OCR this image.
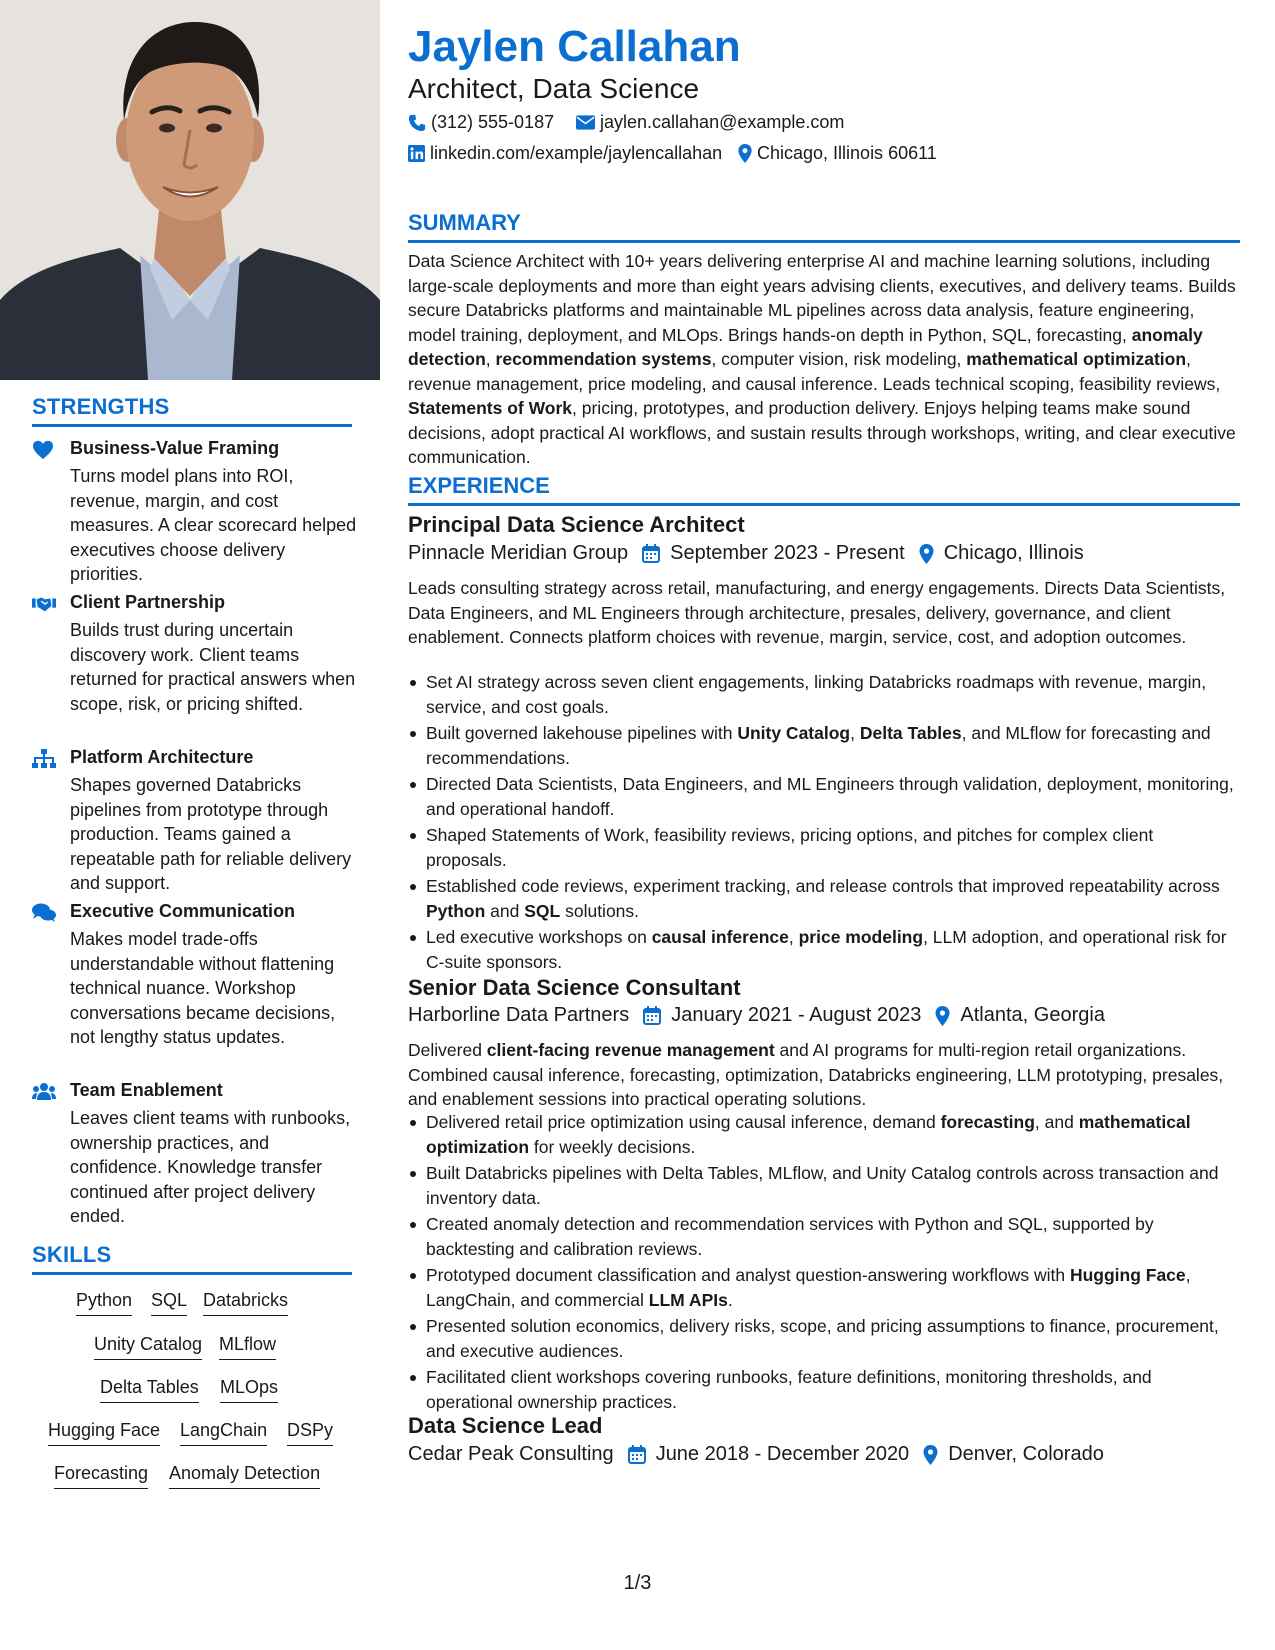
STRENGTHS
Business-Value Framing
Turns model plans into ROI, revenue, margin, and cost measures. A clear scorecard helped executives choose delivery priorities.
Client Partnership
Builds trust during uncertain discovery work. Client teams returned for practical answers when scope, risk, or pricing shifted.
Platform Architecture
Shapes governed Databricks pipelines from prototype through production. Teams gained a repeatable path for reliable delivery and support.
Executive Communication
Makes model trade-offs understandable without flattening technical nuance. Workshop conversations became decisions, not lengthy status updates.
Team Enablement
Leaves client teams with runbooks, ownership practices, and confidence. Knowledge transfer continued after project delivery ended.
SKILLS
Python SQL Databricks
Unity Catalog MLflow
Delta Tables MLOps
Hugging Face LangChain DSPy
Forecasting Anomaly Detection
Jaylen Callahan
Architect, Data Science
(312) 555-0187	jaylen.callahan@example.com
linkedin.com/example/jaylencallahan Chicago, Illinois 60611
SUMMARY
Data Science Architect with 10+ years delivering enterprise AI and machine learning solutions, including large-scale deployments and more than eight years advising clients, executives, and delivery teams. Builds secure Databricks platforms and maintainable ML pipelines across data analysis, feature engineering, model training, deployment, and MLOps. Brings hands-on depth in Python, SQL, forecasting, anomaly detection, recommendation systems, computer vision, risk modeling, mathematical optimization, revenue management, price modeling, and causal inference. Leads technical scoping, feasibility reviews, Statements of Work, pricing, prototypes, and production delivery. Enjoys helping teams make sound decisions, adopt practical AI workflows, and sustain results through workshops, writing, and clear executive communication.
EXPERIENCE
Principal Data Science Architect
Pinnacle Meridian Group September 2023 - Present Chicago, Illinois
Leads consulting strategy across retail, manufacturing, and energy engagements. Directs Data Scientists, Data Engineers, and ML Engineers through architecture, presales, delivery, governance, and client enablement. Connects platform choices with revenue, margin, service, cost, and adoption outcomes.
Set AI strategy across seven client engagements, linking Databricks roadmaps with revenue, margin, service, and cost goals.
Built governed lakehouse pipelines with Unity Catalog, Delta Tables, and MLflow for forecasting and recommendations.
Directed Data Scientists, Data Engineers, and ML Engineers through validation, deployment, monitoring, and operational handoff.
Shaped Statements of Work, feasibility reviews, pricing options, and pitches for complex client proposals.
Established code reviews, experiment tracking, and release controls that improved repeatability across Python and SQL solutions.
Led executive workshops on causal inference, price modeling, LLM adoption, and operational risk for C-suite sponsors.
Senior Data Science Consultant
Harborline Data Partners January 2021 - August 2023 Atlanta, Georgia
Delivered client-facing revenue management and AI programs for multi-region retail organizations. Combined causal inference, forecasting, optimization, Databricks engineering, LLM prototyping, presales, and enablement sessions into practical operating solutions.
Delivered retail price optimization using causal inference, demand forecasting, and mathematical optimization for weekly decisions.
Built Databricks pipelines with Delta Tables, MLflow, and Unity Catalog controls across transaction and inventory data.
Created anomaly detection and recommendation services with Python and SQL, supported by backtesting and calibration reviews.
Prototyped document classification and analyst question-answering workflows with Hugging Face, LangChain, and commercial LLM APIs.
Presented solution economics, delivery risks, scope, and pricing assumptions to finance, procurement, and executive audiences.
Facilitated client workshops covering runbooks, feature definitions, monitoring thresholds, and operational ownership practices.
Data Science Lead
Cedar Peak Consulting June 2018 - December 2020 Denver, Colorado
1/3
